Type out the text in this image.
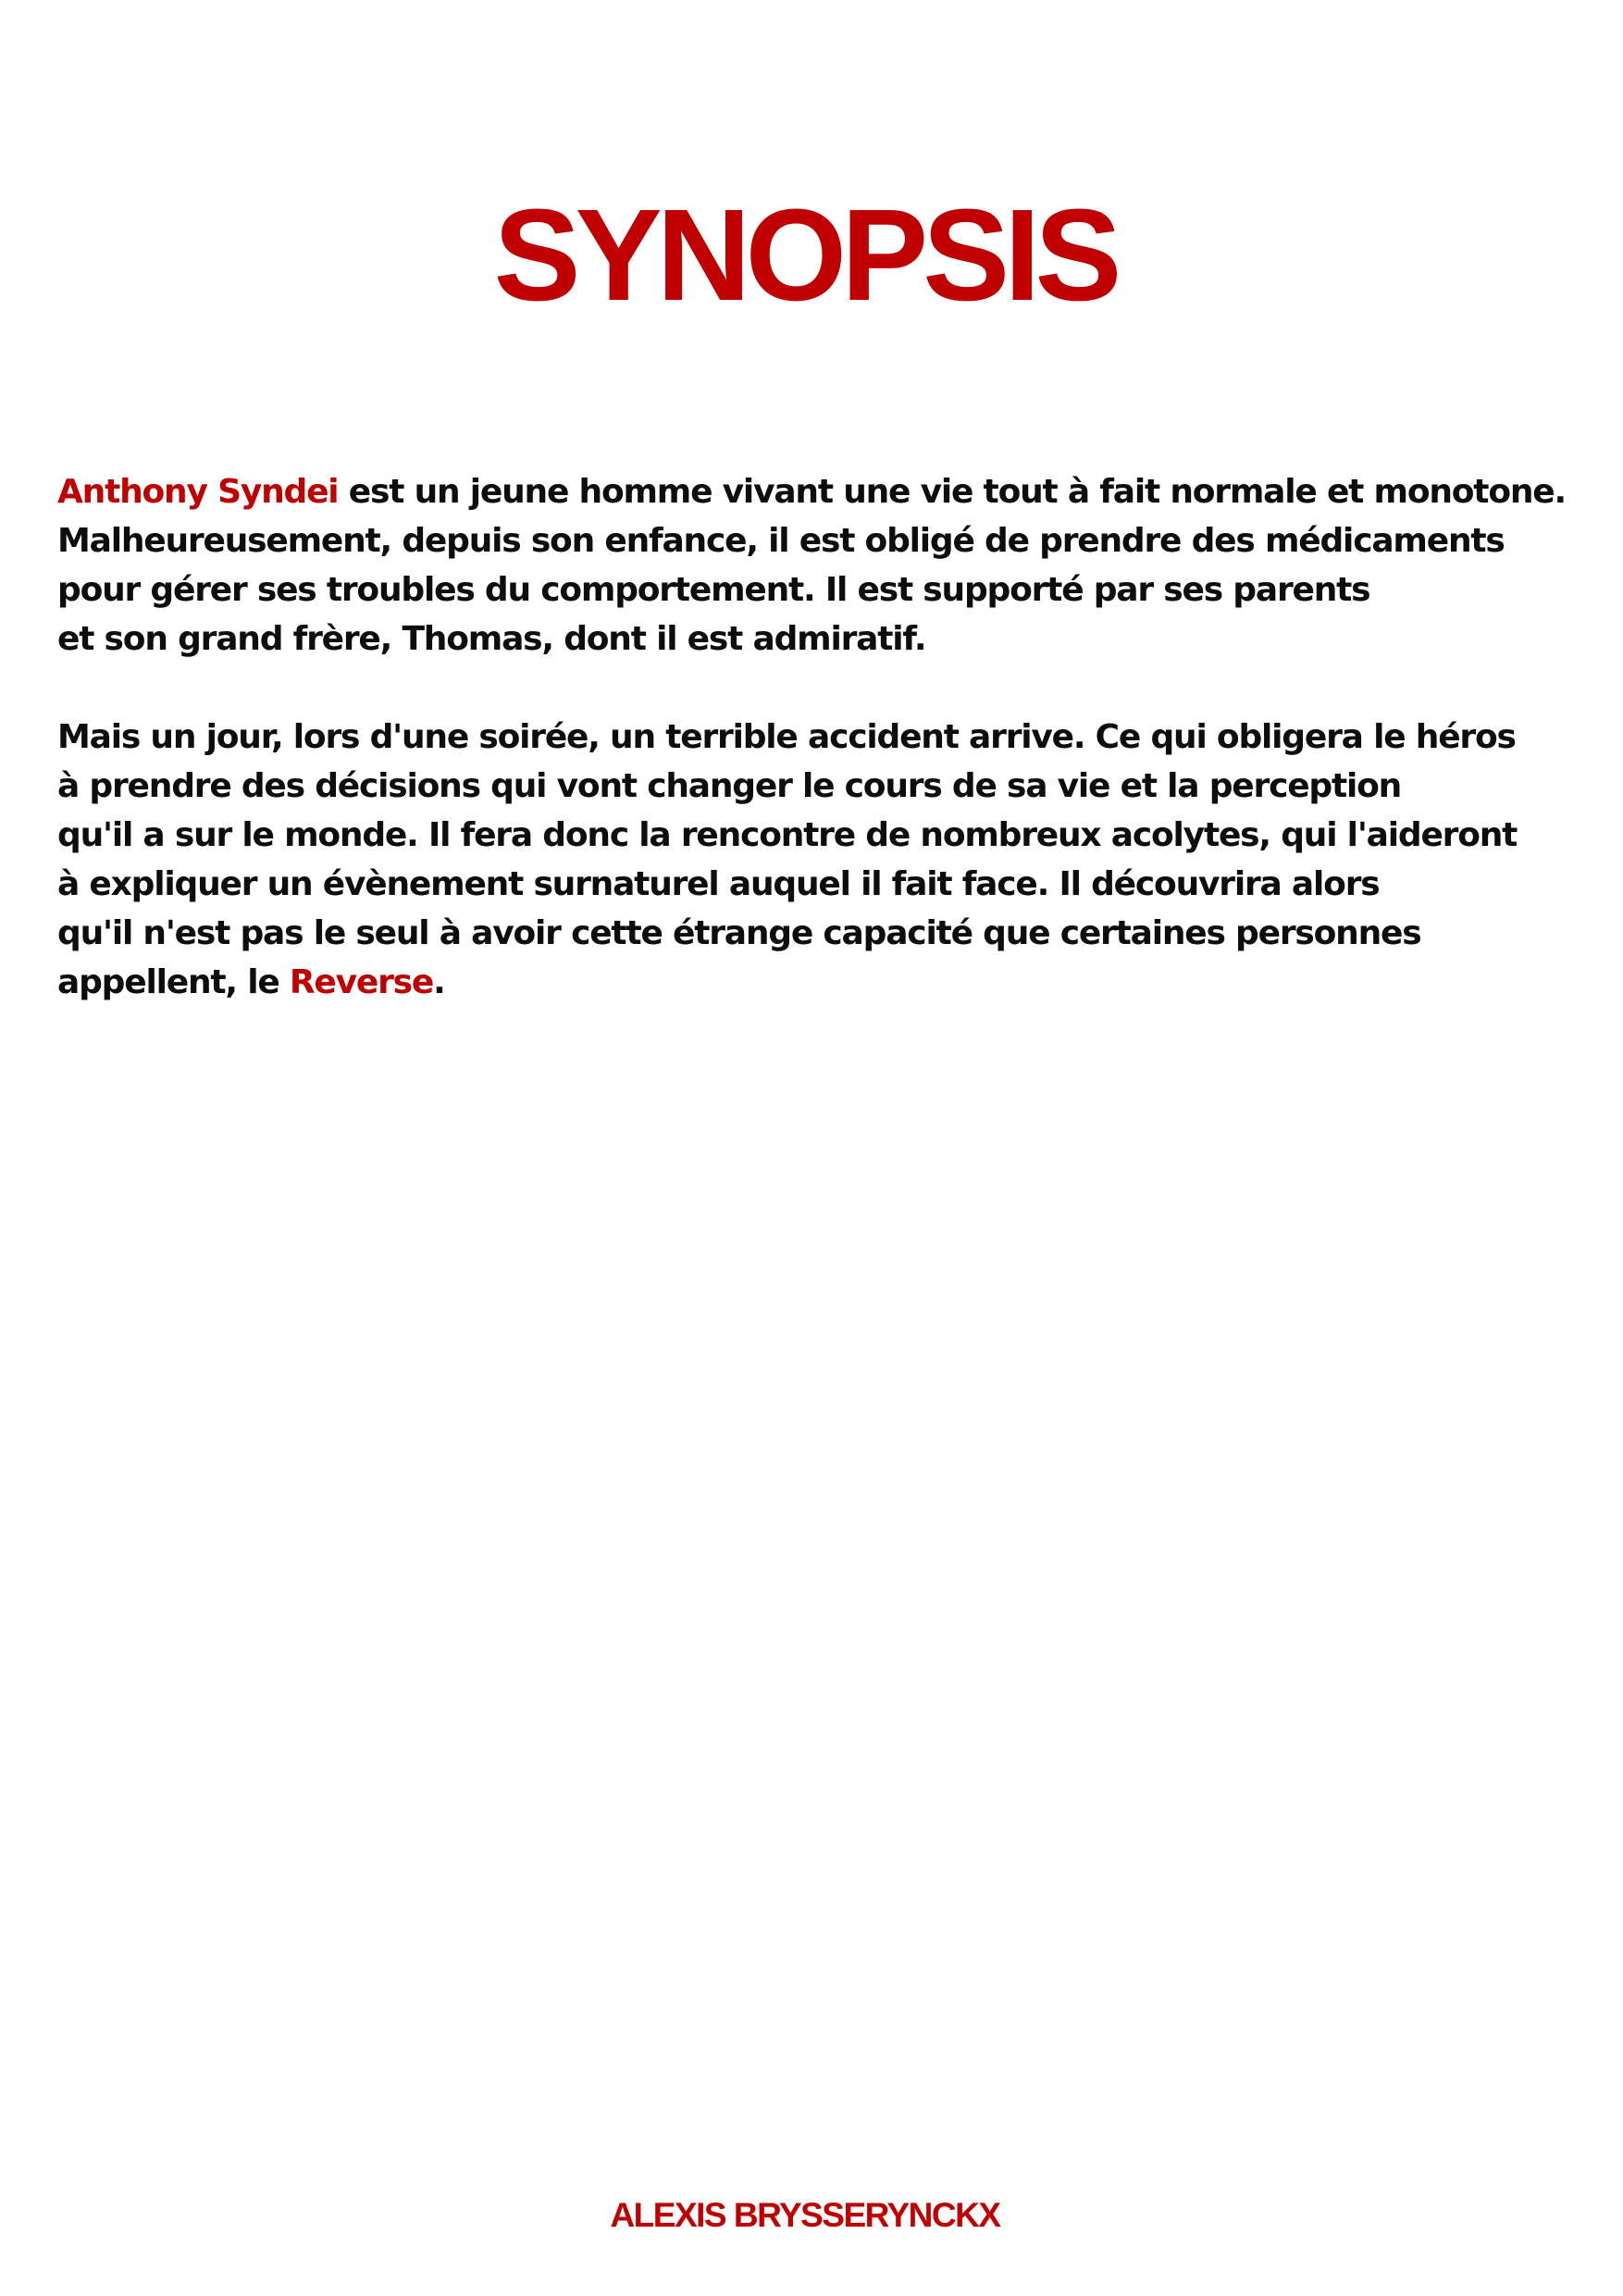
SYNOPSIS
Anthony Syndei est un jeune homme vivant une vie tout à fait normale et monotone.
Malheureusement, depuis son enfance, il est obligé de prendre des médicaments
pour gérer ses troubles du comportement. Il est supporté par ses parents
et son grand frère, Thomas, dont il est admiratif.
Mais un jour, lors d'une soirée, un terrible accident arrive. Ce qui obligera le héros
à prendre des décisions qui vont changer le cours de sa vie et la perception
qu'il a sur le monde. Il fera donc la rencontre de nombreux acolytes, qui l'aideront
à expliquer un évènement surnaturel auquel il fait face. Il découvrira alors
qu'il n'est pas le seul à avoir cette étrange capacité que certaines personnes
appellent, le Reverse.
ALEXIS BRYSSERYNCKX
